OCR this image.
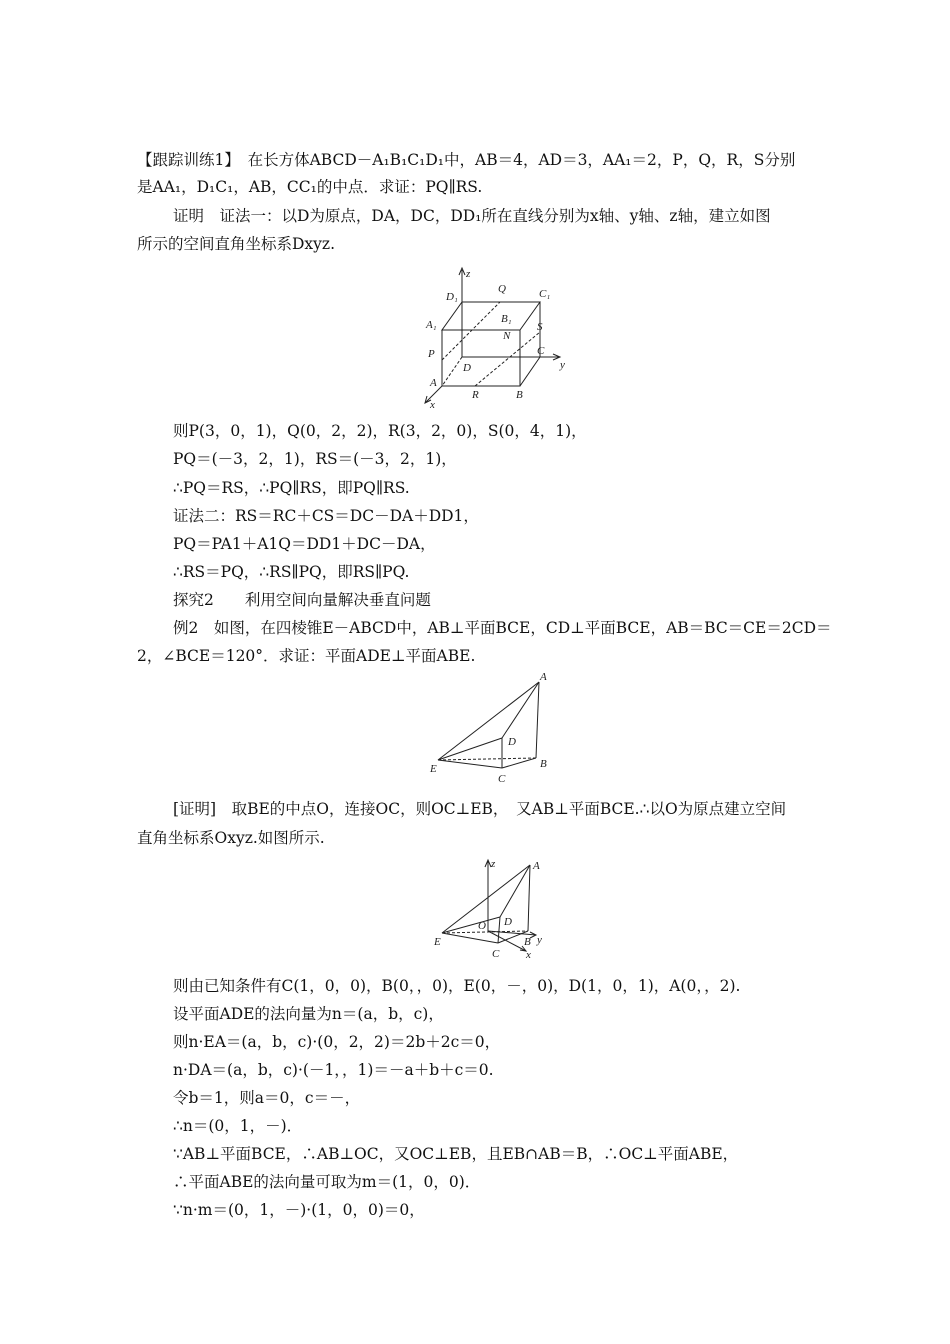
【跟踪训练1】　在长方体ABCD－A₁B₁C₁D₁中，AB＝4，AD＝3，AA₁＝2，P，Q，R，S分别
是AA₁，D₁C₁，AB，CC₁的中点．求证：PQ∥RS.
证明　证法一：以D为原点，DA，DC，DD₁所在直线分别为x轴、y轴、z轴，建立如图
所示的空间直角坐标系Dxyz.
z
y
x
D₁
Q	C₁
A₁	B₁
N
S
P	C
D
A
R	B
则P(3，0，1)，Q(0，2，2)，R(3，2，0)，S(0，4，1)，
PQ＝(－3，2，1)，RS＝(－3，2，1)，
∴PQ＝RS，∴PQ∥RS，即PQ∥RS.
证法二：RS＝RC＋CS＝DC－DA＋DD1，
PQ＝PA1＋A1Q＝DD1＋DC－DA，
∴RS＝PQ，∴RS∥PQ，即RS∥PQ.
探究2　　利用空间向量解决垂直问题
例2　如图，在四棱锥E－ABCD中，AB⊥平面BCE，CD⊥平面BCE，AB＝BC＝CE＝2CD＝
2，∠BCE＝120°．求证：平面ADE⊥平面ABE.
A
D
E
C
B
[证明]　取BE的中点O，连接OC，则OC⊥EB，　又AB⊥平面BCE.∴以O为原点建立空间
直角坐标系Oxyz.如图所示.
z	A
D
O
E	B y
C x
则由已知条件有C(1，0，0)，B(0，，0)，E(0，－，0)，D(1，0，1)，A(0，，2).
设平面ADE的法向量为n＝(a，b，c)，
则n·EA＝(a，b，c)·(0，2，2)＝2b＋2c＝0，
n·DA＝(a，b，c)·(－1，，1)＝－a＋b＋c＝0.
令b＝1，则a＝0，c＝－，
∴n＝(0，1，－)．
∵AB⊥平面BCE，∴AB⊥OC，又OC⊥EB，且EB∩AB＝B，∴OC⊥平面ABE，
∴平面ABE的法向量可取为m＝(1，0，0)．
∵n·m＝(0，1，－)·(1，0，0)＝0，
